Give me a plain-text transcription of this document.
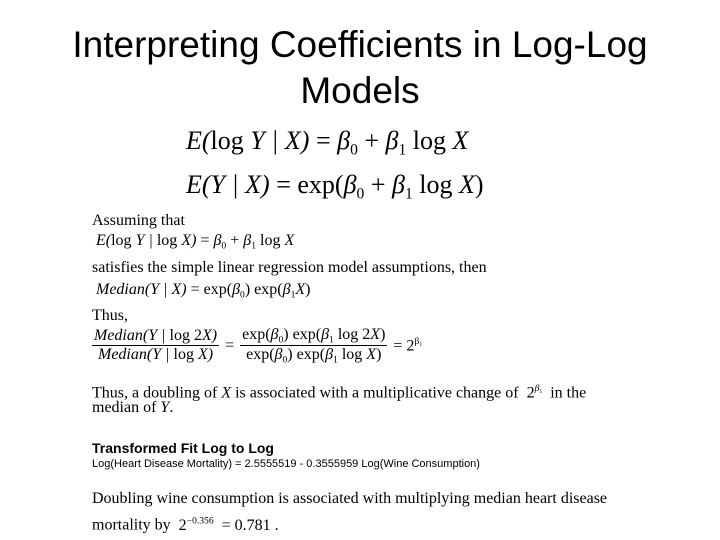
Interpreting Coefficients in Log-Log
Models
E(log Y | $X) = \beta_0 + \beta_1$ log X
E(Y | $X) = \exp(\beta_0 + \beta_1$ log X)
Assuming that
E(log Y | $\log X) = \beta_0 + \beta_1$ log X
satisfies the simple linear regression model assumptions, then
Median(Y | $X) = \exp(\beta_0)$ $\exp(\beta_1X)$
Thus,
$\frac{\text{Median(Y | log 2X)}}{\text{Median(Y | log X)}} = \frac{\exp(\beta_0) \exp(\beta_1 \log 2X)}{\exp(\beta_0) \exp(\beta_1 \log X)} = 2^{\beta_1}$
Thus, a doubling of X is associated with a multiplicative change of  $2^{\beta_1}$  in the
median of Y.
Transformed Fit Log to Log
Log(Heart Disease Mortality) = 2.5555519 - 0.3555959 Log(Wine Consumption)
Doubling wine consumption is associated with multiplying median heart disease
mortality by $2^{-0.356} = 0.781$ .
